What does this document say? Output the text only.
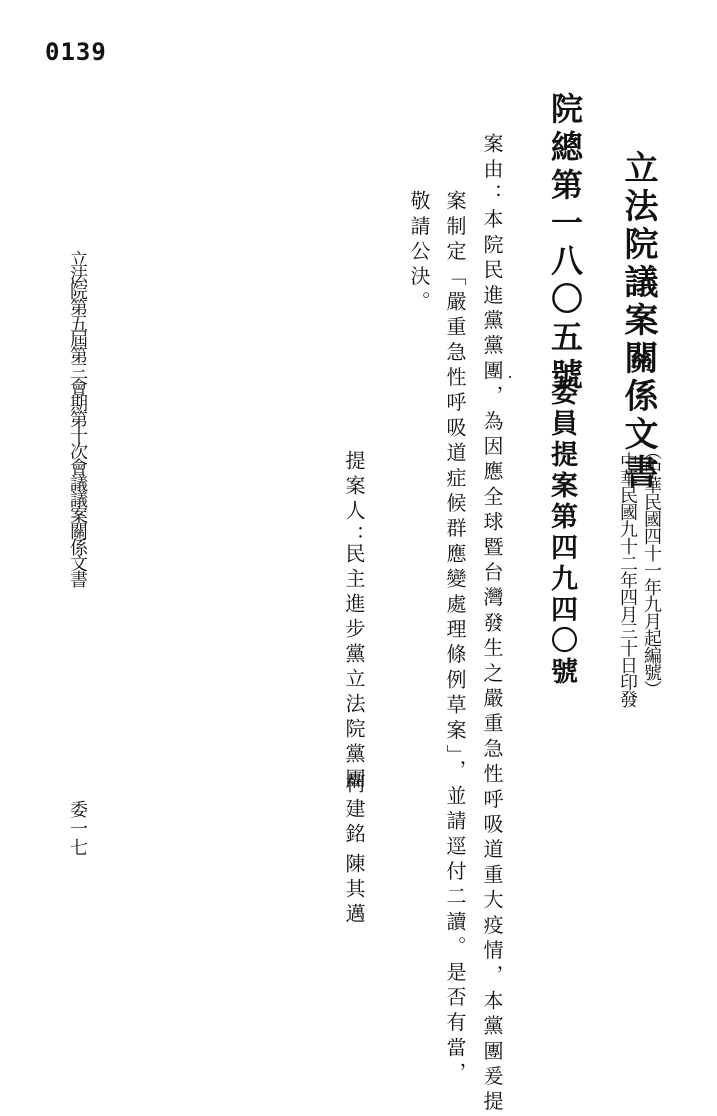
0139
立法院議案關係文書
（中華民國四十一年九月起編號）
中華民國九十二年四月三十日印發
院總第一八〇五號
委員提案第四九四〇號
案由：本院民進黨黨團，為因應全球暨台灣發生之嚴重急性呼吸道重大疫情，本黨團爰提
案制定「嚴重急性呼吸道症候群應變處理條例草案」，並請逕付二讀。是否有當，
敬請公決。
提案人：
民主進步黨立法院黨團
柯建銘
陳其邁
立法院第五屆第三會期第十次會議議案關係文書
委一七
